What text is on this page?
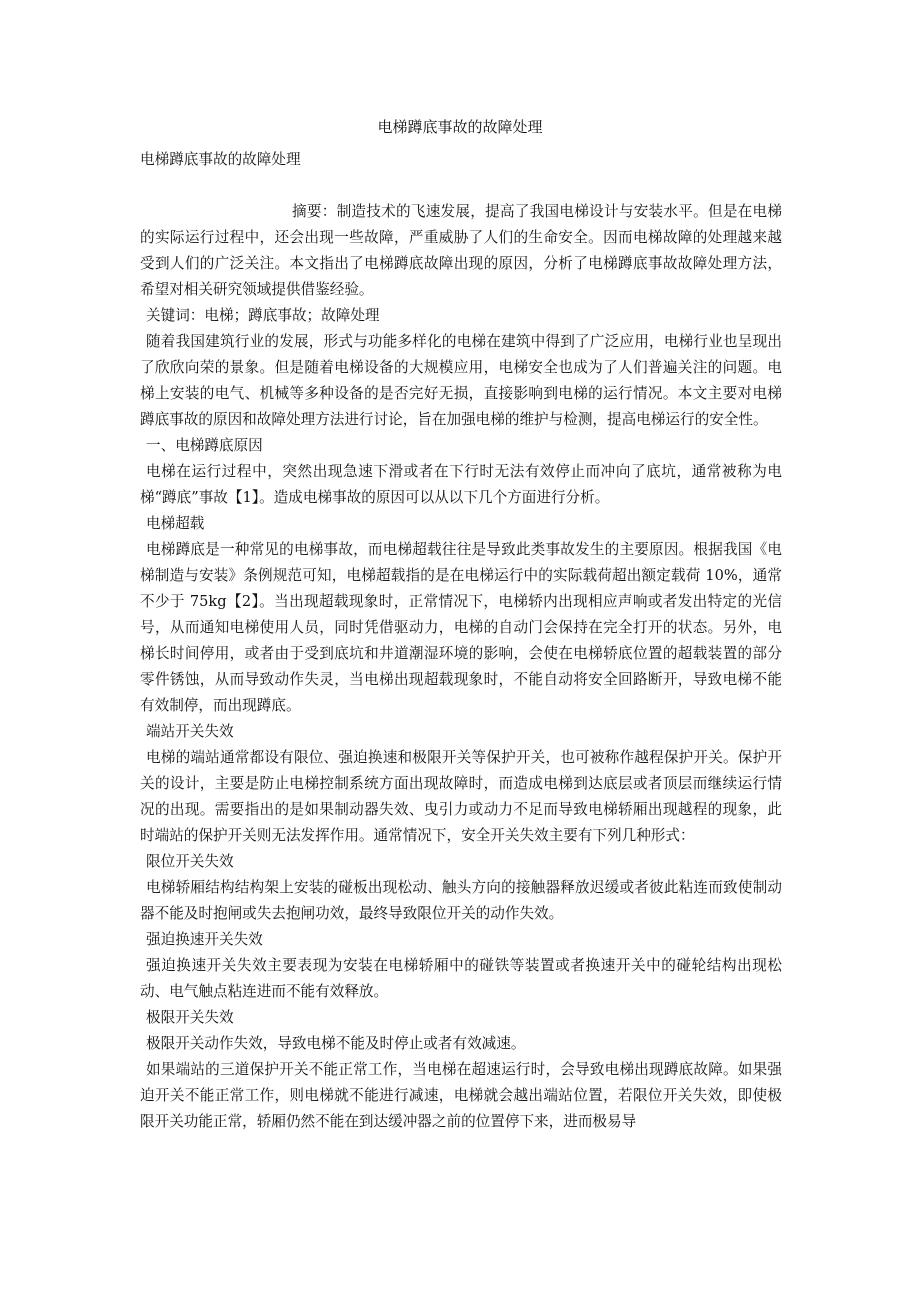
电梯蹲底事故的故障处理

电梯蹲底事故的故障处理

摘要：制造技术的飞速发展，提高了我国电梯设计与安装水平。但是在电梯的实际运行过程中，还会出现一些故障，严重威胁了人们的生命安全。因而电梯故障的处理越来越受到人们的广泛关注。本文指出了电梯蹲底故障出现的原因，分析了电梯蹲底事故故障处理方法，希望对相关研究领域提供借鉴经验。

关键词：电梯；蹲底事故；故障处理

随着我国建筑行业的发展，形式与功能多样化的电梯在建筑中得到了广泛应用，电梯行业也呈现出了欣欣向荣的景象。但是随着电梯设备的大规模应用，电梯安全也成为了人们普遍关注的问题。电梯上安装的电气、机械等多种设备的是否完好无损，直接影响到电梯的运行情况。本文主要对电梯蹲底事故的原因和故障处理方法进行讨论，旨在加强电梯的维护与检测，提高电梯运行的安全性。

一、电梯蹲底原因

电梯在运行过程中，突然出现急速下滑或者在下行时无法有效停止而冲向了底坑，通常被称为电梯“蹲底”事故【1】。造成电梯事故的原因可以从以下几个方面进行分析。

电梯超载

电梯蹲底是一种常见的电梯事故，而电梯超载往往是导致此类事故发生的主要原因。根据我国《电梯制造与安装》条例规范可知，电梯超载指的是在电梯运行中的实际载荷超出额定载荷 10%，通常不少于 75kg【2】。当出现超载现象时，正常情况下，电梯轿内出现相应声响或者发出特定的光信号，从而通知电梯使用人员，同时凭借驱动力，电梯的自动门会保持在完全打开的状态。另外，电梯长时间停用，或者由于受到底坑和井道潮湿环境的影响，会使在电梯轿底位置的超载装置的部分零件锈蚀，从而导致动作失灵，当电梯出现超载现象时，不能自动将安全回路断开，导致电梯不能有效制停，而出现蹲底。

端站开关失效

电梯的端站通常都设有限位、强迫换速和极限开关等保护开关，也可被称作越程保护开关。保护开关的设计，主要是防止电梯控制系统方面出现故障时，而造成电梯到达底层或者顶层而继续运行情况的出现。需要指出的是如果制动器失效、曳引力或动力不足而导致电梯轿厢出现越程的现象，此时端站的保护开关则无法发挥作用。通常情况下，安全开关失效主要有下列几种形式：

限位开关失效

电梯轿厢结构结构架上安装的碰板出现松动、触头方向的接触器释放迟缓或者彼此粘连而致使制动器不能及时抱闸或失去抱闸功效，最终导致限位开关的动作失效。

强迫换速开关失效

强迫换速开关失效主要表现为安装在电梯轿厢中的碰铁等装置或者换速开关中的碰轮结构出现松动、电气触点粘连进而不能有效释放。

极限开关失效

极限开关动作失效，导致电梯不能及时停止或者有效减速。

如果端站的三道保护开关不能正常工作，当电梯在超速运行时，会导致电梯出现蹲底故障。如果强迫开关不能正常工作，则电梯就不能进行减速，电梯就会越出端站位置，若限位开关失效，即使极限开关功能正常，轿厢仍然不能在到达缓冲器之前的位置停下来，进而极易导
